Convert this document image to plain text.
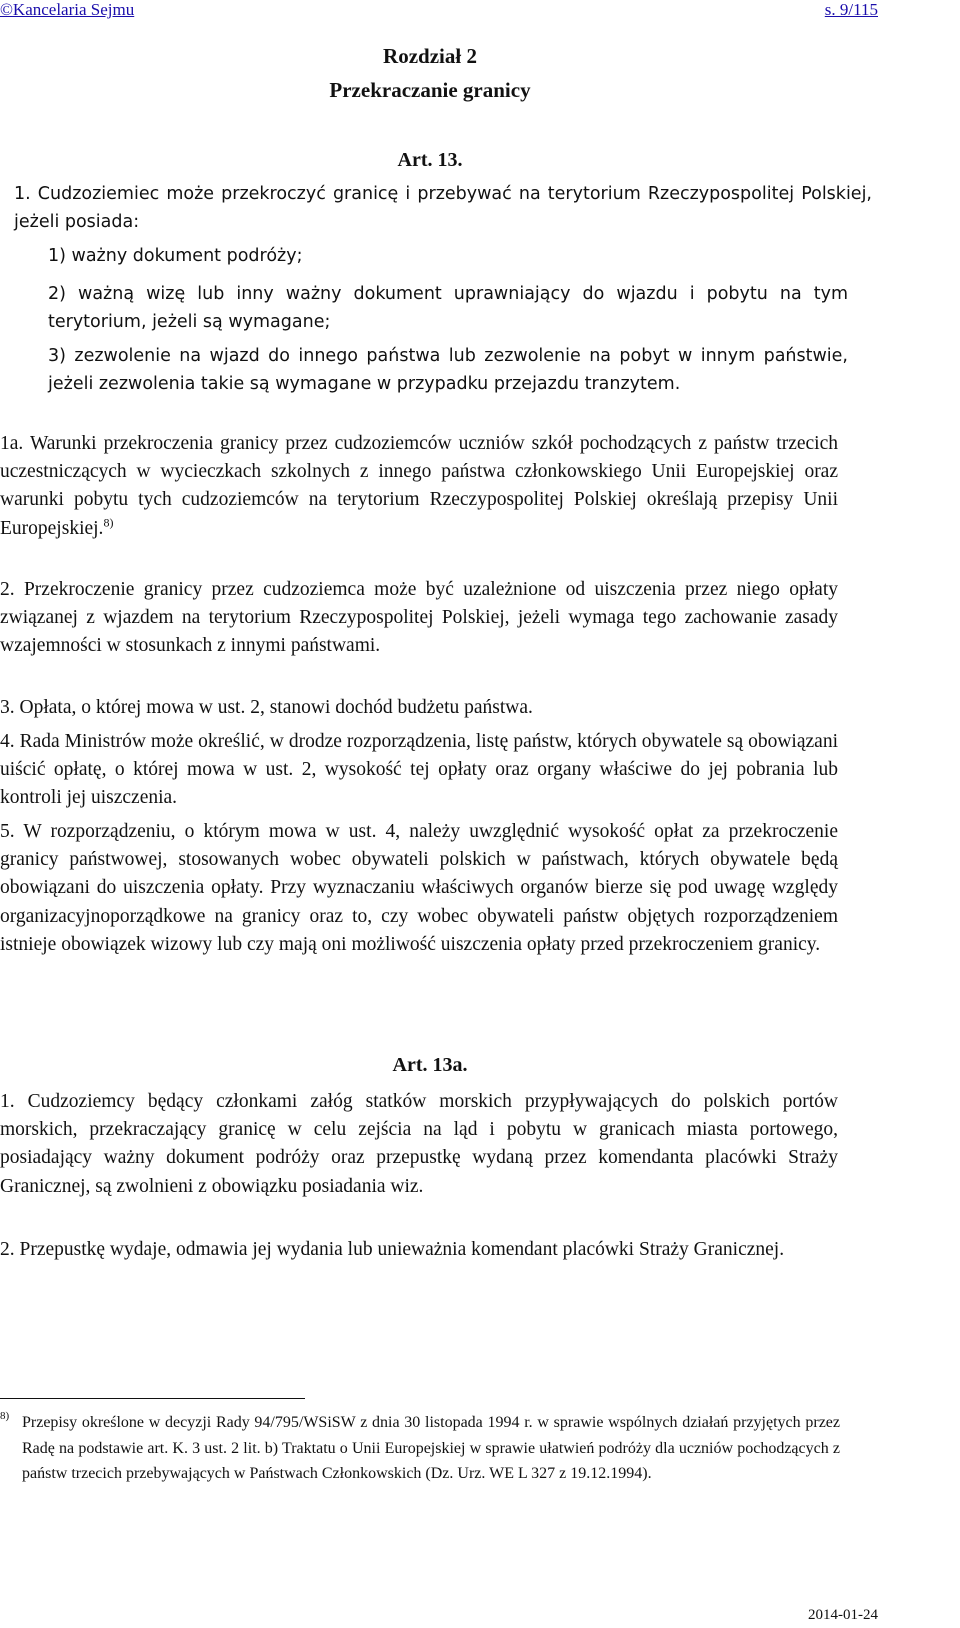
©Kancelaria Sejmu	s. 9/115
Rozdział 2
Przekraczanie granicy
Art. 13.
1. Cudzoziemiec może przekroczyć granicę i przebywać na terytorium Rzeczypospolitej Polskiej, jeżeli posiada:
1) ważny dokument podróży;
2) ważną wizę lub inny ważny dokument uprawniający do wjazdu i pobytu na tym terytorium, jeżeli są wymagane;
3) zezwolenie na wjazd do innego państwa lub zezwolenie na pobyt w innym państwie, jeżeli zezwolenia takie są wymagane w przypadku przejazdu tranzytem.
1a. Warunki przekroczenia granicy przez cudzoziemców uczniów szkół pochodzących z państw trzecich uczestniczących w wycieczkach szkolnych z innego państwa członkowskiego Unii Europejskiej oraz warunki pobytu tych cudzoziemców na terytorium Rzeczypospolitej Polskiej określają przepisy Unii Europejskiej.$^{8)}$
2. Przekroczenie granicy przez cudzoziemca może być uzależnione od uiszczenia przez niego opłaty związanej z wjazdem na terytorium Rzeczypospolitej Polskiej, jeżeli wymaga tego zachowanie zasady wzajemności w stosunkach z innymi państwami.
3. Opłata, o której mowa w ust. 2, stanowi dochód budżetu państwa.
4. Rada Ministrów może określić, w drodze rozporządzenia, listę państw, których obywatele są obowiązani uiścić opłatę, o której mowa w ust. 2, wysokość tej opłaty oraz organy właściwe do jej pobrania lub kontroli jej uiszczenia.
5. W rozporządzeniu, o którym mowa w ust. 4, należy uwzględnić wysokość opłat za przekroczenie granicy państwowej, stosowanych wobec obywateli polskich w państwach, których obywatele będą obowiązani do uiszczenia opłaty. Przy wyznaczaniu właściwych organów bierze się pod uwagę względy organizacyjnoporządkowe na granicy oraz to, czy wobec obywateli państw objętych rozporządzeniem istnieje obowiązek wizowy lub czy mają oni możliwość uiszczenia opłaty przed przekroczeniem granicy.
Art. 13a.
1. Cudzoziemcy będący członkami załóg statków morskich przypływających do polskich portów morskich, przekraczający granicę w celu zejścia na ląd i pobytu w granicach miasta portowego, posiadający ważny dokument podróży oraz przepustkę wydaną przez komendanta placówki Straży Granicznej, są zwolnieni z obowiązku posiadania wiz.
2. Przepustkę wydaje, odmawia jej wydania lub unieważnia komendant placówki Straży Granicznej.
8) Przepisy określone w decyzji Rady 94/795/WSiSW z dnia 30 listopada 1994 r. w sprawie wspólnych działań przyjętych przez Radę na podstawie art. K. 3 ust. 2 lit. b) Traktatu o Unii Europejskiej w sprawie ułatwień podróży dla uczniów pochodzących z państw trzecich przebywających w Państwach Członkowskich (Dz. Urz. WE L 327 z 19.12.1994).
2014-01-24
